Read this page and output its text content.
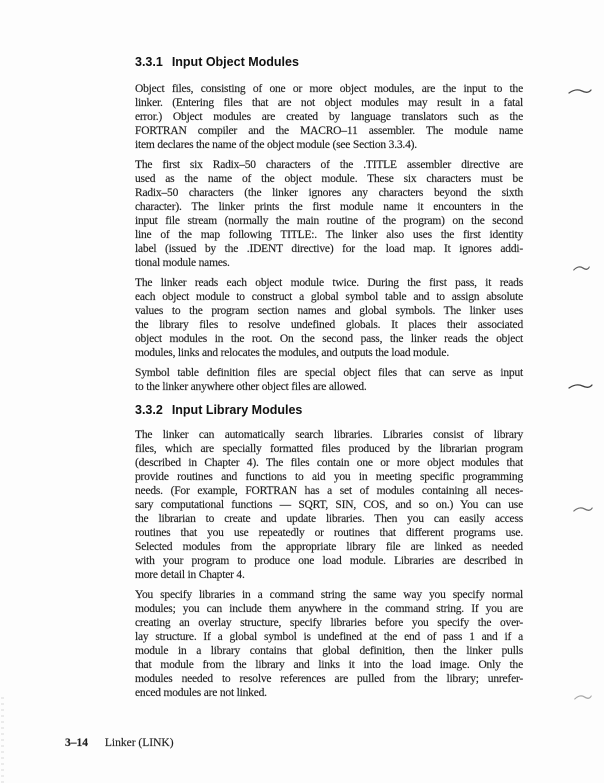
3.3.1 Input Object Modules
Object files, consisting of one or more object modules, are the input to the
linker. (Entering files that are not object modules may result in a fatal
error.) Object modules are created by language translators such as the
FORTRAN compiler and the MACRO–11 assembler. The module name
item declares the name of the object module (see Section 3.3.4).
The first six Radix–50 characters of the .TITLE assembler directive are
used as the name of the object module. These six characters must be
Radix–50 characters (the linker ignores any characters beyond the sixth
character). The linker prints the first module name it encounters in the
input file stream (normally the main routine of the program) on the second
line of the map following TITLE:. The linker also uses the first identity
label (issued by the .IDENT directive) for the load map. It ignores addi-
tional module names.
The linker reads each object module twice. During the first pass, it reads
each object module to construct a global symbol table and to assign absolute
values to the program section names and global symbols. The linker uses
the library files to resolve undefined globals. It places their associated
object modules in the root. On the second pass, the linker reads the object
modules, links and relocates the modules, and outputs the load module.
Symbol table definition files are special object files that can serve as input
to the linker anywhere other object files are allowed.
3.3.2 Input Library Modules
The linker can automatically search libraries. Libraries consist of library
files, which are specially formatted files produced by the librarian program
(described in Chapter 4). The files contain one or more object modules that
provide routines and functions to aid you in meeting specific programming
needs. (For example, FORTRAN has a set of modules containing all neces-
sary computational functions — SQRT, SIN, COS, and so on.) You can use
the librarian to create and update libraries. Then you can easily access
routines that you use repeatedly or routines that different programs use.
Selected modules from the appropriate library file are linked as needed
with your program to produce one load module. Libraries are described in
more detail in Chapter 4.
You specify libraries in a command string the same way you specify normal
modules; you can include them anywhere in the command string. If you are
creating an overlay structure, specify libraries before you specify the over-
lay structure. If a global symbol is undefined at the end of pass 1 and if a
module in a library contains that global definition, then the linker pulls
that module from the library and links it into the load image. Only the
modules needed to resolve references are pulled from the library; unrefer-
enced modules are not linked.
3–14 Linker (LINK)
